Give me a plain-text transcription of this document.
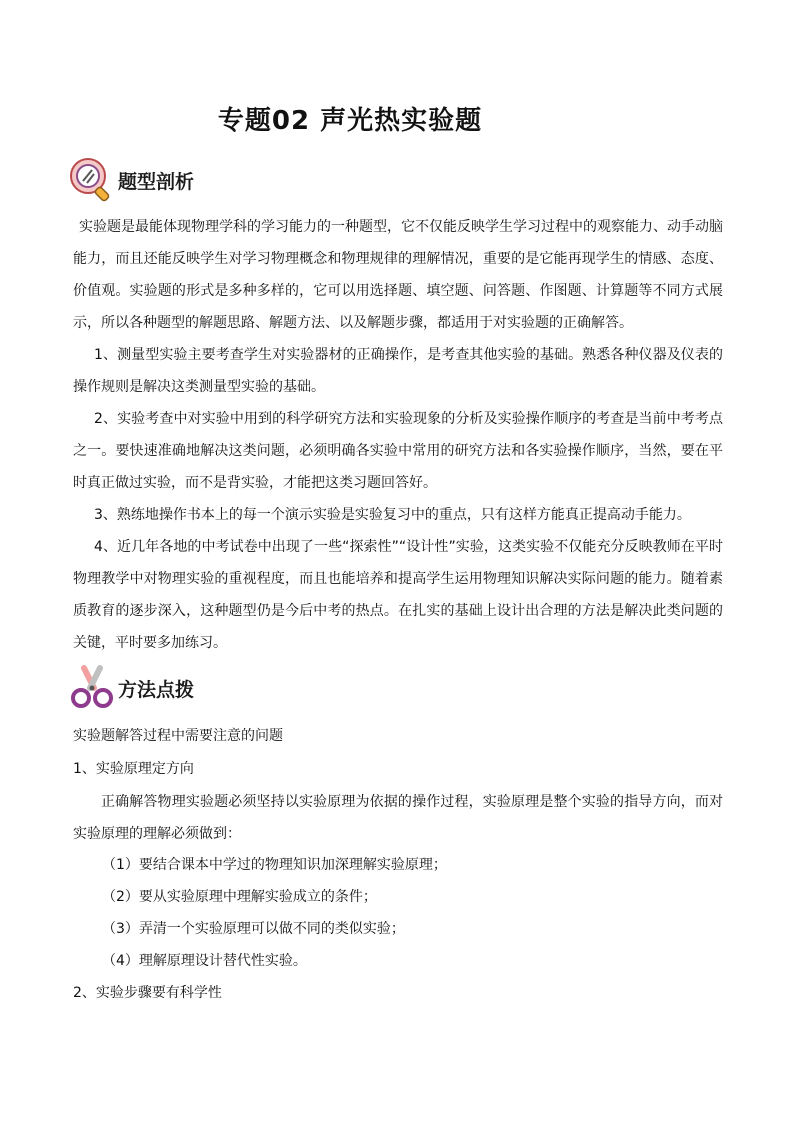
专题02 声光热实验题
题型剖析

实验题是最能体现物理学科的学习能力的一种题型，它不仅能反映学生学习过程中的观察能力、动手动脑能力，而且还能反映学生对学习物理概念和物理规律的理解情况，重要的是它能再现学生的情感、态度、价值观。实验题的形式是多种多样的，它可以用选择题、填空题、问答题、作图题、计算题等不同方式展示，所以各种题型的解题思路、解题方法、以及解题步骤，都适用于对实验题的正确解答。

1、测量型实验主要考查学生对实验器材的正确操作，是考查其他实验的基础。熟悉各种仪器及仪表的操作规则是解决这类测量型实验的基础。

2、实验考查中对实验中用到的科学研究方法和实验现象的分析及实验操作顺序的考查是当前中考考点之一。要快速准确地解决这类问题，必须明确各实验中常用的研究方法和各实验操作顺序，当然，要在平时真正做过实验，而不是背实验，才能把这类习题回答好。

3、熟练地操作书本上的每一个演示实验是实验复习中的重点，只有这样方能真正提高动手能力。

4、近几年各地的中考试卷中出现了一些“探索性”“设计性”实验，这类实验不仅能充分反映教师在平时物理教学中对物理实验的重视程度，而且也能培养和提高学生运用物理知识解决实际问题的能力。随着素质教育的逐步深入，这种题型仍是今后中考的热点。在扎实的基础上设计出合理的方法是解决此类问题的关键，平时要多加练习。

方法点拨

实验题解答过程中需要注意的问题

1、实验原理定方向

正确解答物理实验题必须坚持以实验原理为依据的操作过程，实验原理是整个实验的指导方向，而对实验原理的理解必须做到：

（1）要结合课本中学过的物理知识加深理解实验原理；

（2）要从实验原理中理解实验成立的条件；

（3）弄清一个实验原理可以做不同的类似实验；

（4）理解原理设计替代性实验。

2、实验步骤要有科学性
